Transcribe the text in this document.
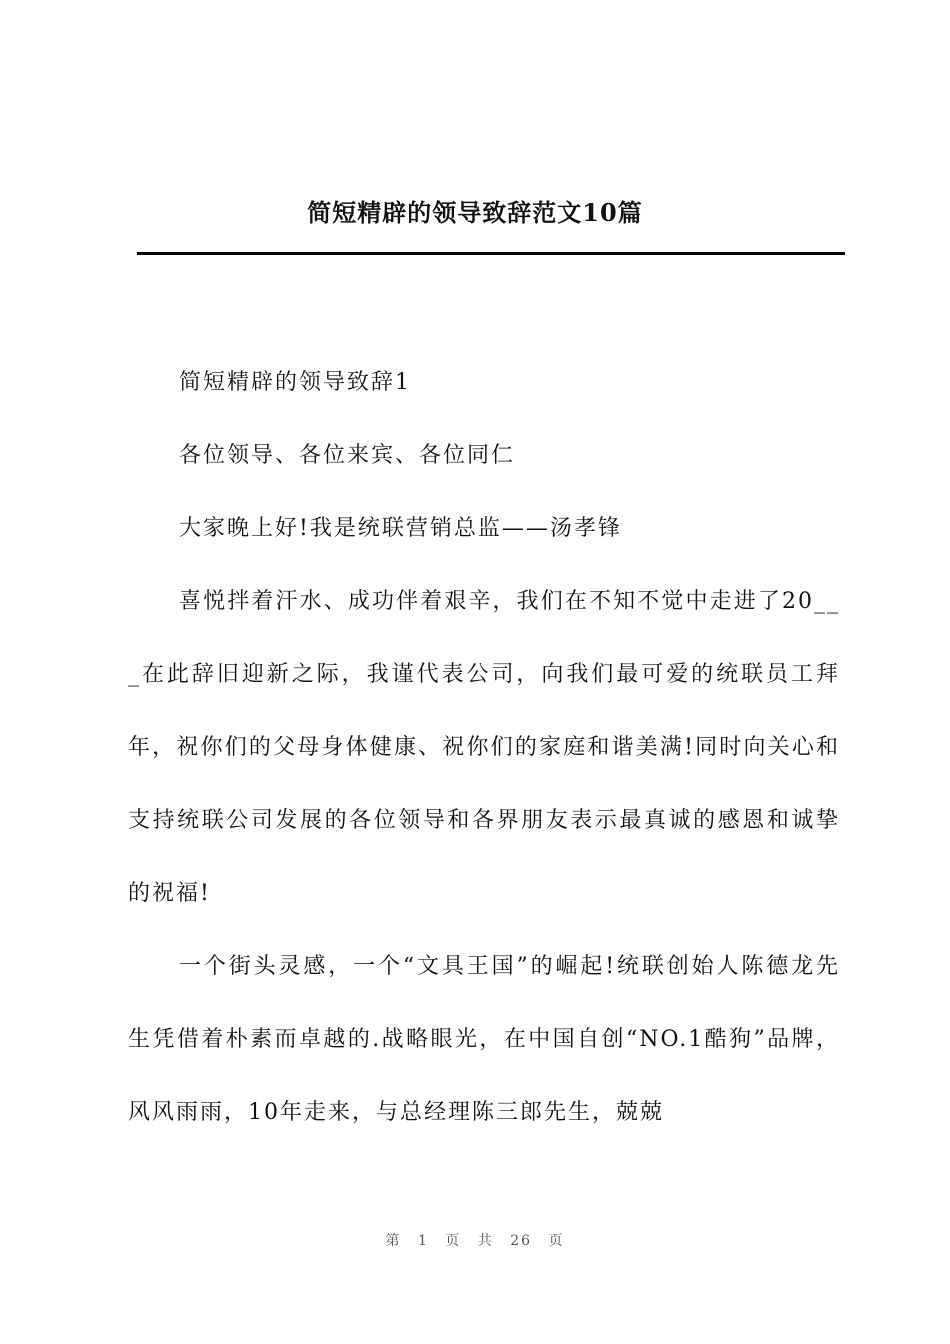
简短精辟的领导致辞范文10篇

简短精辟的领导致辞1

各位领导、各位来宾、各位同仁

大家晚上好!我是统联营销总监——汤孝锋

喜悦拌着汗水、成功伴着艰辛，我们在不知不觉中走进了20___在此辞旧迎新之际，我谨代表公司，向我们最可爱的统联员工拜年，祝你们的父母身体健康、祝你们的家庭和谐美满!同时向关心和支持统联公司发展的各位领导和各界朋友表示最真诚的感恩和诚挚的祝福!

一个街头灵感，一个“文具王国”的崛起!统联创始人陈德龙先生凭借着朴素而卓越的.战略眼光，在中国自创“NO.1酷狗”品牌，风风雨雨，10年走来，与总经理陈三郎先生，兢兢

第 1 页 共 26 页
